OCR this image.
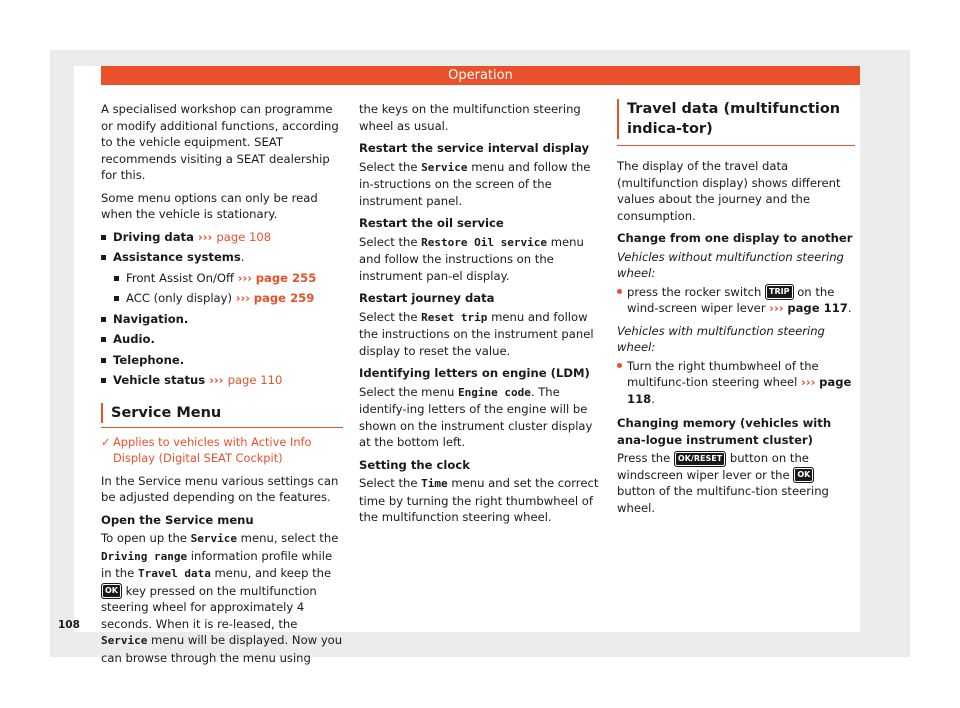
Operation

A specialised workshop can programme or modify additional functions, according to the vehicle equipment. SEAT recommends visiting a SEAT dealership for this.

Some menu options can only be read when the vehicle is stationary.

Driving data ››› page 108
Assistance systems.
Front Assist On/Off ››› page 255
ACC (only display) ››› page 259
Navigation.
Audio.
Telephone.
Vehicle status ››› page 110
Service Menu

✓ Applies to vehicles with Active Info Display (Digital SEAT Cockpit)

In the Service menu various settings can be adjusted depending on the features.

Open the Service menu

To open up the Service menu, select the Driving range information profile while in the Travel data menu, and keep the OK key pressed on the multifunction steering wheel for approximately 4 seconds. When it is re-leased, the Service menu will be displayed. Now you can browse through the menu using

the keys on the multifunction steering wheel as usual.

Restart the service interval display

Select the Service menu and follow the in-structions on the screen of the instrument panel.

Restart the oil service

Select the Restore Oil service menu and follow the instructions on the instrument pan-el display.

Restart journey data

Select the Reset trip menu and follow the instructions on the instrument panel display to reset the value.

Identifying letters on engine (LDM)

Select the menu Engine code. The identify-ing letters of the engine will be shown on the instrument cluster display at the bottom left.

Setting the clock

Select the Time menu and set the correct time by turning the right thumbwheel of the multifunction steering wheel.

Travel data (multifunction indica-tor)

The display of the travel data (multifunction display) shows different values about the journey and the consumption.

Change from one display to another

Vehicles without multifunction steering wheel:

press the rocker switch TRIP on the wind-screen wiper lever ››› page 117.

Vehicles with multifunction steering wheel:

Turn the right thumbwheel of the multifunc-tion steering wheel ››› page 118.

Changing memory (vehicles with ana-logue instrument cluster)

Press the OK/RESET button on the windscreen wiper lever or the OK button of the multifunc-tion steering wheel.

108
